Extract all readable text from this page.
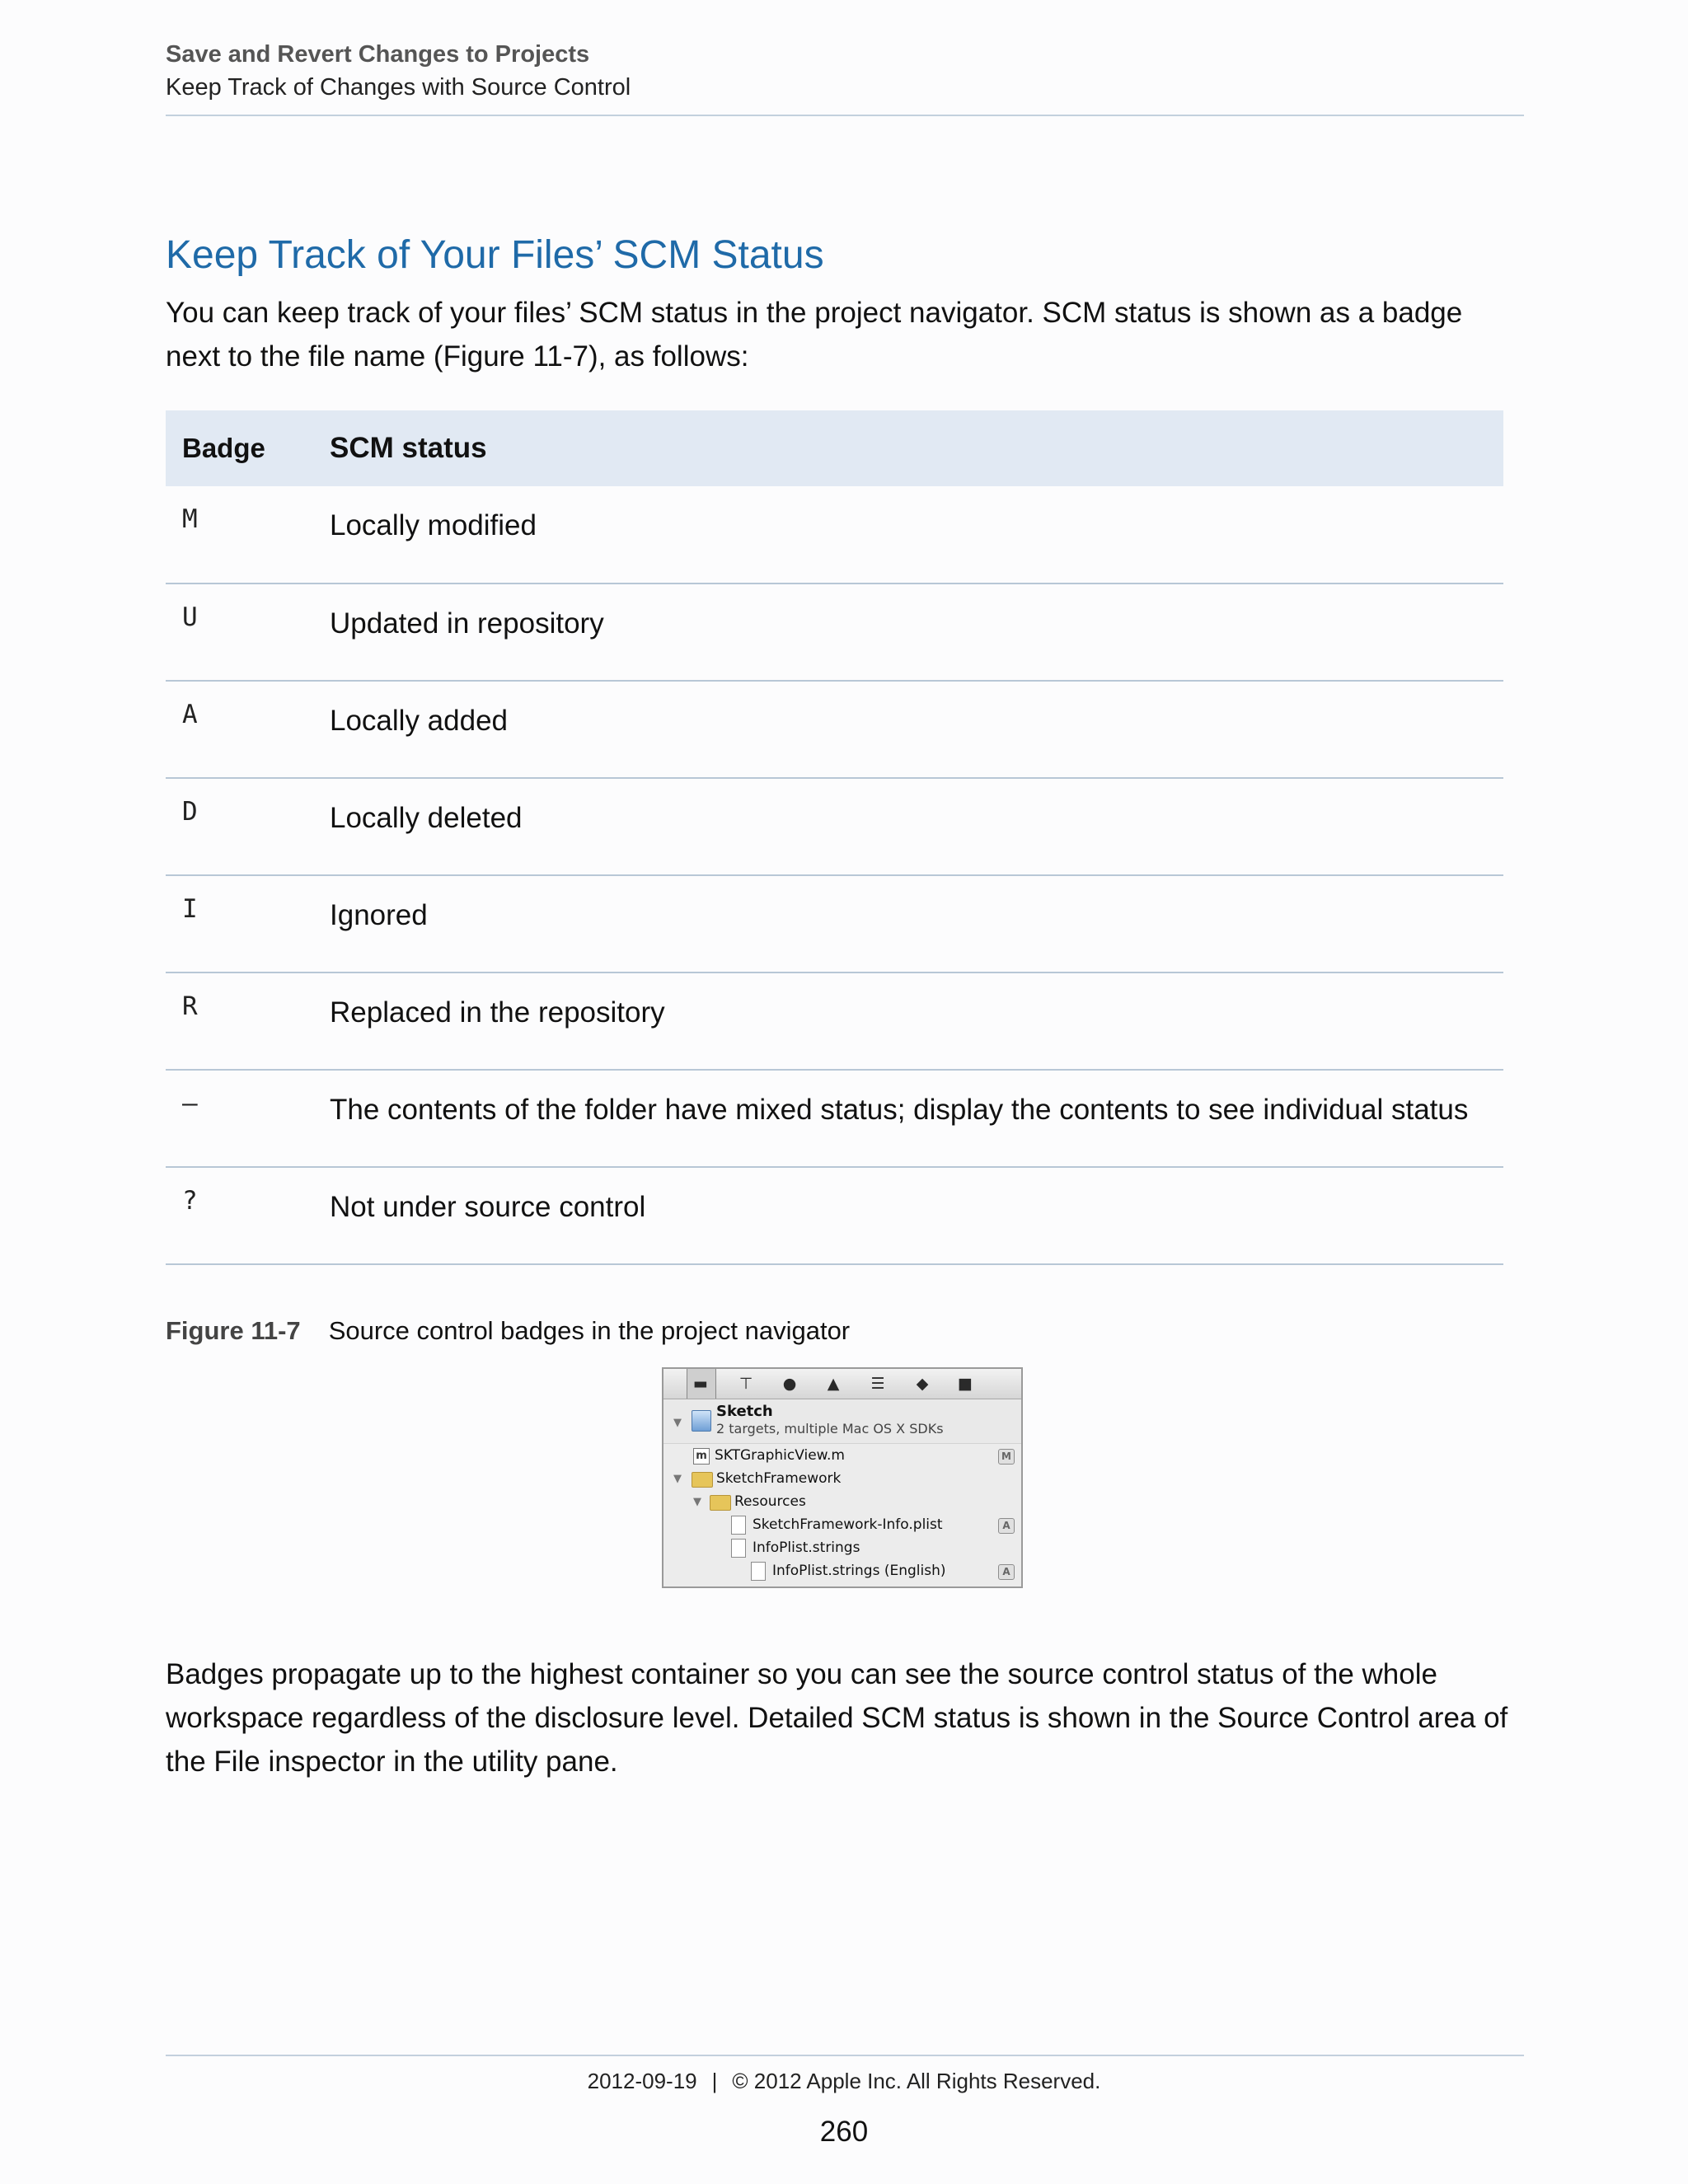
Save and Revert Changes to Projects
Keep Track of Changes with Source Control
Keep Track of Your Files’ SCM Status

You can keep track of your files’ SCM status in the project navigator. SCM status is shown as a badge next to the file name (Figure 11-7), as follows:

Badge	SCM status
M	Locally modified
U	Updated in repository
A	Locally added
D	Locally deleted
I	Ignored
R	Replaced in the repository
–	The contents of the folder have mixed status; display the contents to see individual status
?	Not under source control
Figure 11-7 Source control badges in the project navigator
▬ ⊤ ● ▲ ☰ ◆ ■
▼
Sketch
2 targets, multiple Mac OS X SDKs
m SKTGraphicView.m	M
▼ SketchFramework
▼ Resources
SketchFramework-Info.plist	A
InfoPlist.strings
InfoPlist.strings (English)	A

Badges propagate up to the highest container so you can see the source control status of the whole workspace regardless of the disclosure level. Detailed SCM status is shown in the Source Control area of the File inspector in the utility pane.

2012-09-19 | © 2012 Apple Inc. All Rights Reserved.
260
